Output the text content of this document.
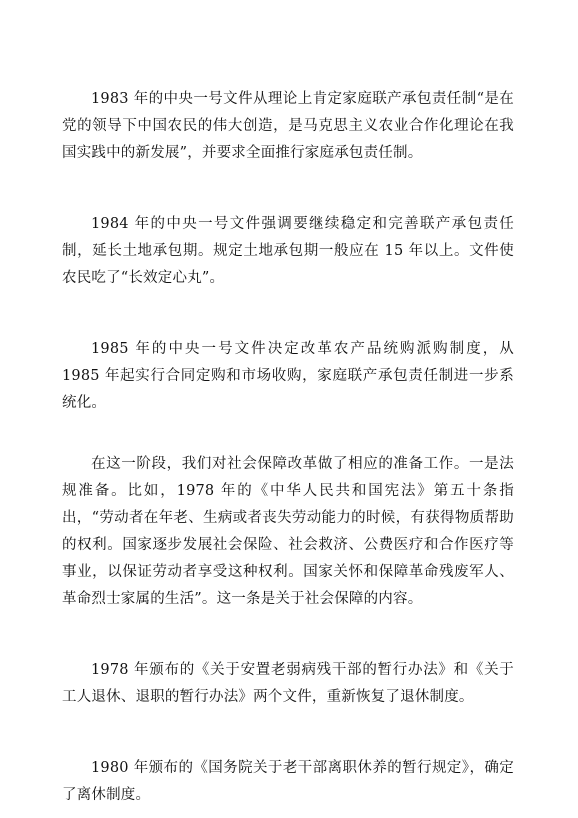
1983 年的中央一号文件从理论上肯定家庭联产承包责任制“是在党的领导下中国农民的伟大创造，是马克思主义农业合作化理论在我国实践中的新发展”，并要求全面推行家庭承包责任制。

1984 年的中央一号文件强调要继续稳定和完善联产承包责任制，延长土地承包期。规定土地承包期一般应在 15 年以上。文件使农民吃了“长效定心丸”。

1985 年的中央一号文件决定改革农产品统购派购制度，从 1985 年起实行合同定购和市场收购，家庭联产承包责任制进一步系统化。

在这一阶段，我们对社会保障改革做了相应的准备工作。一是法规准备。比如，1978 年的《中华人民共和国宪法》第五十条指出，“劳动者在年老、生病或者丧失劳动能力的时候，有获得物质帮助的权利。国家逐步发展社会保险、社会救济、公费医疗和合作医疗等事业，以保证劳动者享受这种权利。国家关怀和保障革命残废军人、革命烈士家属的生活”。这一条是关于社会保障的内容。

1978 年颁布的《关于安置老弱病残干部的暂行办法》和《关于工人退休、退职的暂行办法》两个文件，重新恢复了退休制度。

1980 年颁布的《国务院关于老干部离职休养的暂行规定》，确定了离休制度。
